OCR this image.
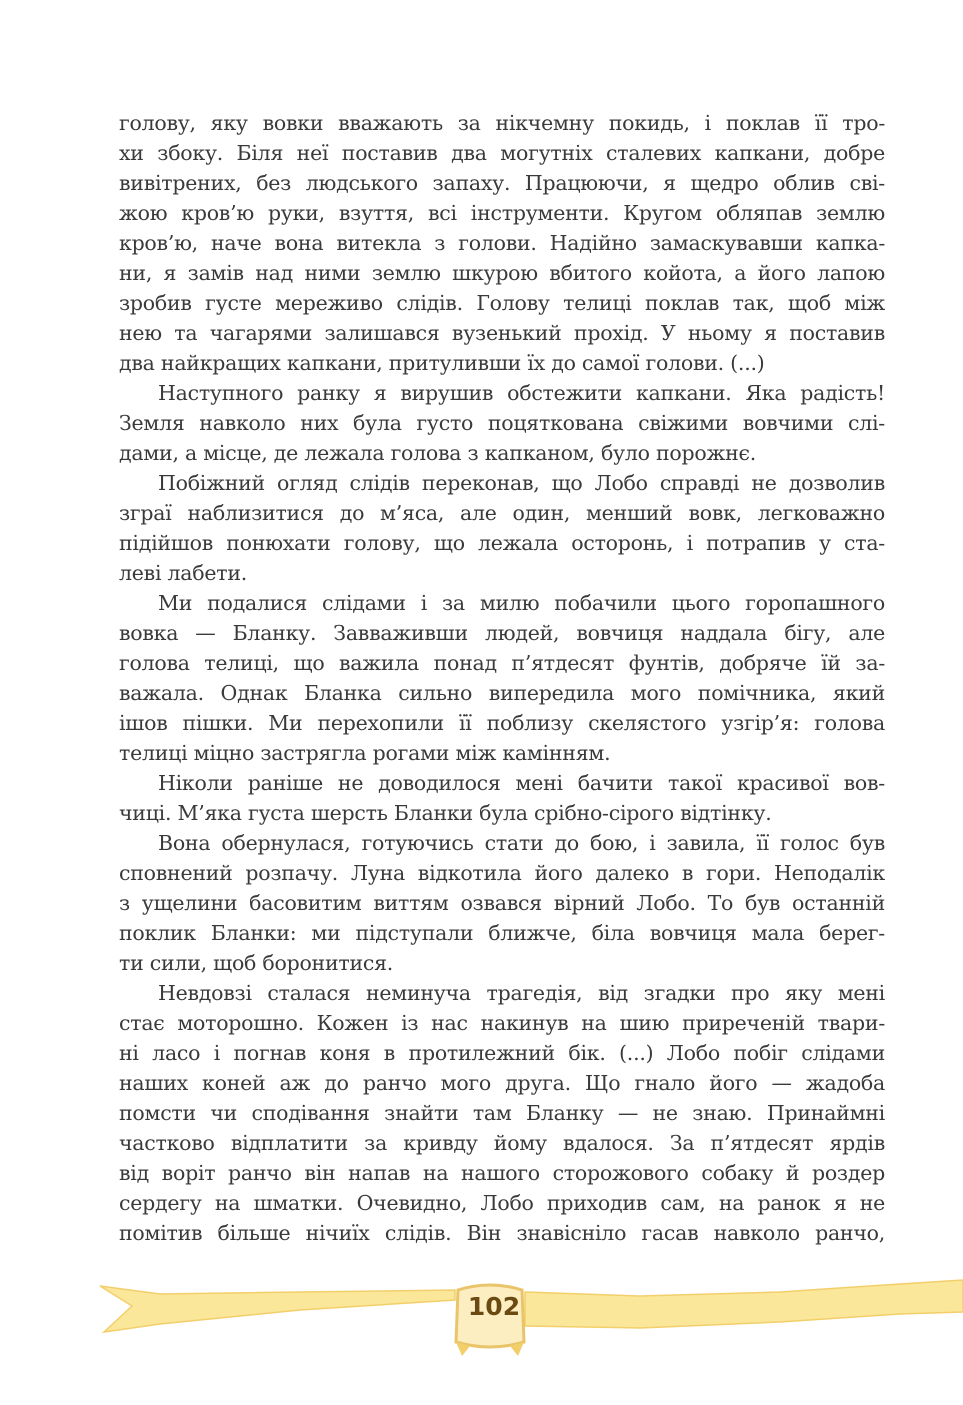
голову, яку вовки вважають за нікчемну покидь, і поклав її тро-
хи збоку. Біля неї поставив два могутніх сталевих капкани, добре
вивітрених, без людського запаху. Працюючи, я щедро облив сві-
жою кров’ю руки, взуття, всі інструменти. Кругом обляпав землю
кров’ю, наче вона витекла з голови. Надійно замаскувавши капка-
ни, я замів над ними землю шкурою вбитого койота, а його лапою
зробив густе мереживо слідів. Голову телиці поклав так, щоб між
нею та чагарями залишався вузенький прохід. У ньому я поставив
два найкращих капкани, притуливши їх до самої голови. (...)
Наступного ранку я вирушив обстежити капкани. Яка радість!
Земля навколо них була густо поцяткована свіжими вовчими слі-
дами, а місце, де лежала голова з капканом, було порожнє.
Побіжний огляд слідів переконав, що Лобо справді не дозволив
зграї наблизитися до м’яса, але один, менший вовк, легковажно
підійшов понюхати голову, що лежала осторонь, і потрапив у ста-
леві лабети.
Ми подалися слідами і за милю побачили цього горопашного
вовка — Бланку. Завваживши людей, вовчиця наддала бігу, але
голова телиці, що важила понад п’ятдесят фунтів, добряче їй за-
важала. Однак Бланка сильно випередила мого помічника, який
ішов пішки. Ми перехопили її поблизу скелястого узгір’я: голова
телиці міцно застрягла рогами між камінням.
Ніколи раніше не доводилося мені бачити такої красивої вов-
чиці. М’яка густа шерсть Бланки була срібно-сірого відтінку.
Вона обернулася, готуючись стати до бою, і завила, її голос був
сповнений розпачу. Луна відкотила його далеко в гори. Неподалік
з ущелини басовитим виттям озвався вірний Лобо. То був останній
поклик Бланки: ми підступали ближче, біла вовчиця мала берег-
ти сили, щоб боронитися.
Невдовзі сталася неминуча трагедія, від згадки про яку мені
стає моторошно. Кожен із нас накинув на шию приреченій твари-
ні ласо і погнав коня в протилежний бік. (...) Лобо побіг слідами
наших коней аж до ранчо мого друга. Що гнало його — жадоба
помсти чи сподівання знайти там Бланку — не знаю. Принаймні
частково відплатити за кривду йому вдалося. За п’ятдесят ярдів
від воріт ранчо він напав на нашого сторожового собаку й роздер
сердегу на шматки. Очевидно, Лобо приходив сам, на ранок я не
помітив більше нічиїх слідів. Він знавісніло гасав навколо ранчо,
102
